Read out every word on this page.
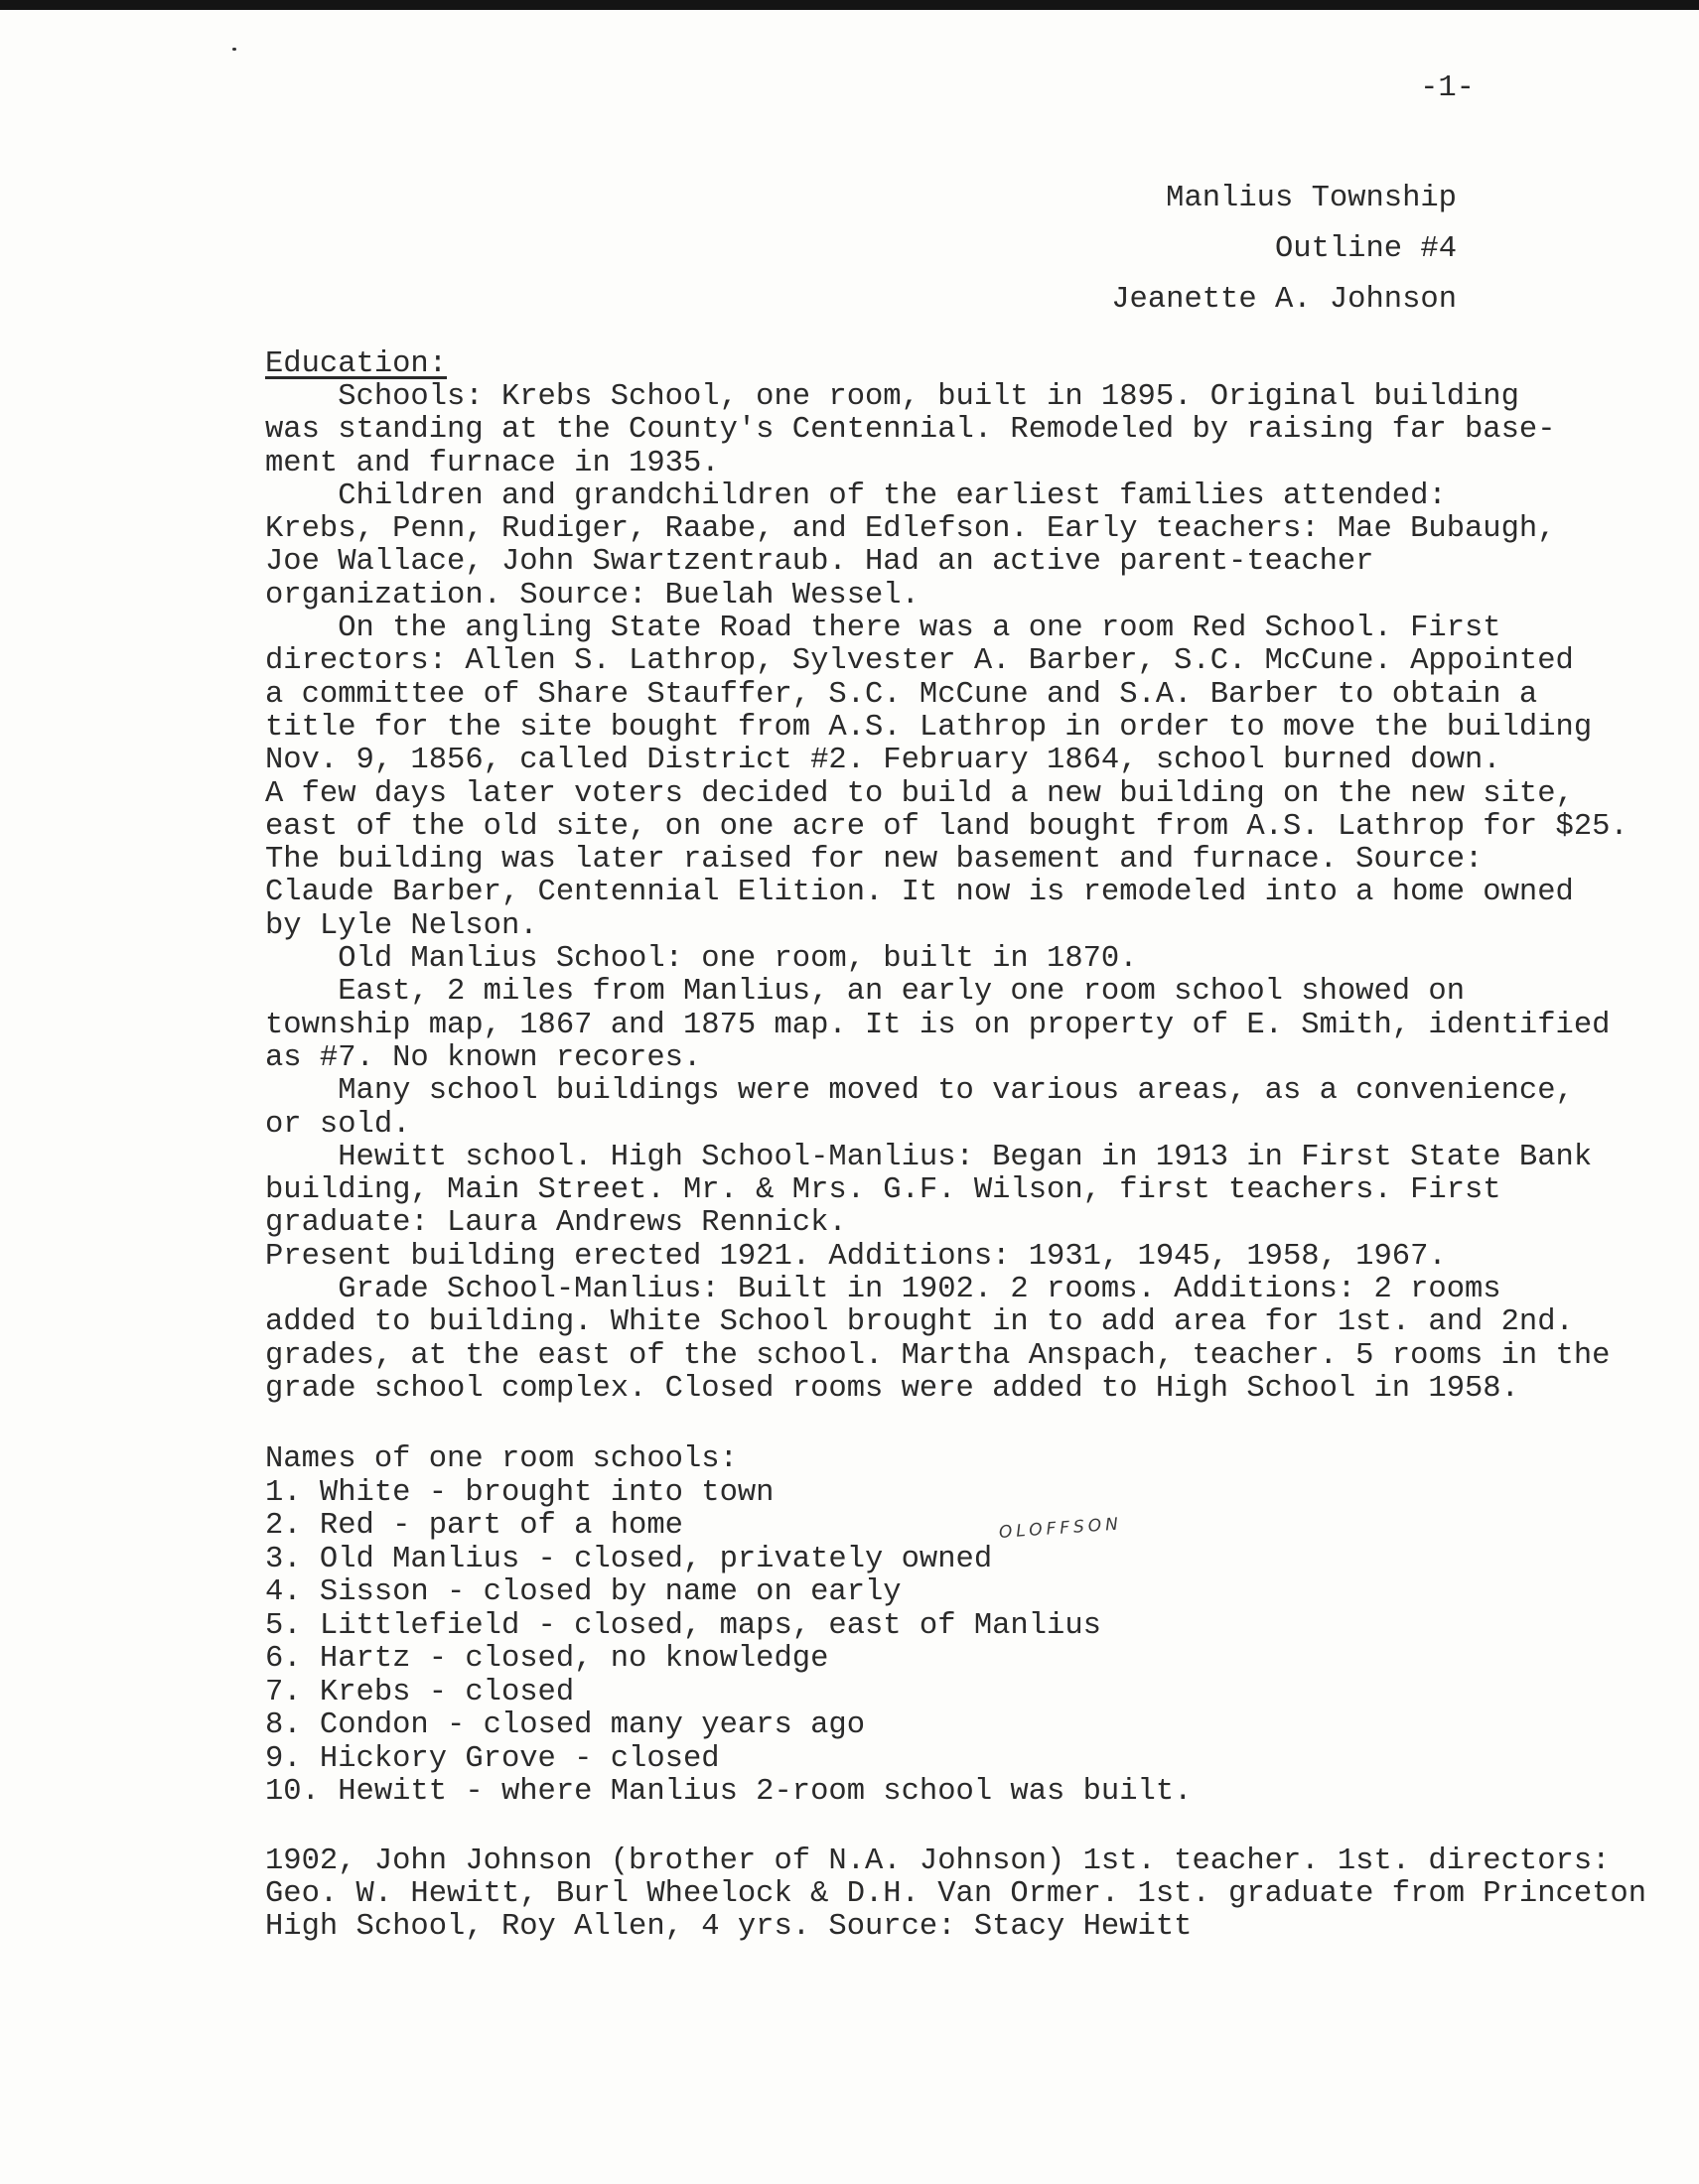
-1-
Manlius Township
Outline #4
Jeanette A. Johnson
Education:
Schools: Krebs School, one room, built in 1895. Original building
was standing at the County's Centennial. Remodeled by raising far base-
ment and furnace in 1935.
Children and grandchildren of the earliest families attended:
Krebs, Penn, Rudiger, Raabe, and Edlefson. Early teachers: Mae Bubaugh,
Joe Wallace, John Swartzentraub. Had an active parent-teacher
organization. Source: Buelah Wessel.
On the angling State Road there was a one room Red School. First
directors: Allen S. Lathrop, Sylvester A. Barber, S.C. McCune. Appointed
a committee of Share Stauffer, S.C. McCune and S.A. Barber to obtain a
title for the site bought from A.S. Lathrop in order to move the building
Nov. 9, 1856, called District #2. February 1864, school burned down.
A few days later voters decided to build a new building on the new site,
east of the old site, on one acre of land bought from A.S. Lathrop for $25.
The building was later raised for new basement and furnace. Source:
Claude Barber, Centennial Elition. It now is remodeled into a home owned
by Lyle Nelson.
Old Manlius School: one room, built in 1870.
East, 2 miles from Manlius, an early one room school showed on
township map, 1867 and 1875 map. It is on property of E. Smith, identified
as #7. No known recores.
Many school buildings were moved to various areas, as a convenience,
or sold.
Hewitt school. High School-Manlius: Began in 1913 in First State Bank
building, Main Street. Mr. & Mrs. G.F. Wilson, first teachers. First
graduate: Laura Andrews Rennick.
Present building erected 1921. Additions: 1931, 1945, 1958, 1967.
Grade School-Manlius: Built in 1902. 2 rooms. Additions: 2 rooms
added to building. White School brought in to add area for 1st. and 2nd.
grades, at the east of the school. Martha Anspach, teacher. 5 rooms in the
grade school complex. Closed rooms were added to High School in 1958.
Names of one room schools:
1. White - brought into town
2. Red - part of a home
3. Old Manlius - closed, privately owned
4. Sisson - closed by name on early
5. Littlefield - closed, maps, east of Manlius
6. Hartz - closed, no knowledge
7. Krebs - closed
8. Condon - closed many years ago
9. Hickory Grove - closed
10. Hewitt - where Manlius 2-room school was built.
1902, John Johnson (brother of N.A. Johnson) 1st. teacher. 1st. directors:
Geo. W. Hewitt, Burl Wheelock & D.H. Van Ormer. 1st. graduate from Princeton
High School, Roy Allen, 4 yrs. Source: Stacy Hewitt
OLOFFSON
